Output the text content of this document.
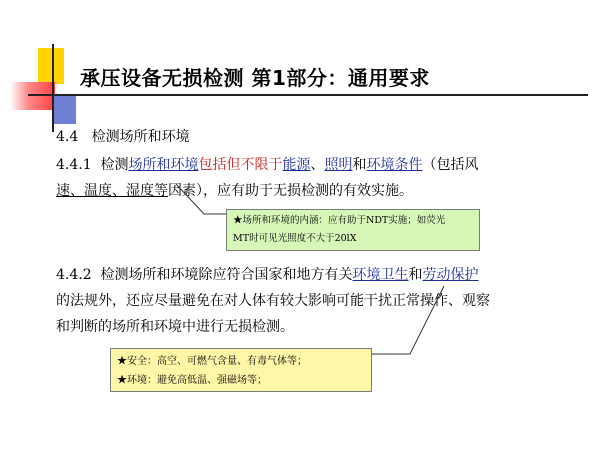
承压设备无损检测 第1部分：通用要求
4.4 检测场所和环境
4.4.1 检测场所和环境包括但不限于能源、照明和环境条件（包括风
速、温度、湿度等因素），应有助于无损检测的有效实施。
★场所和环境的内涵：应有助于NDT实施；如荧光
MT时可见光照度不大于20lX
4.4.2 检测场所和环境除应符合国家和地方有关环境卫生和劳动保护
的法规外，还应尽量避免在对人体有较大影响可能干扰正常操作、观察
和判断的场所和环境中进行无损检测。
★安全：高空、可燃气含量、有毒气体等；
★环境：避免高低温、强磁场等；
